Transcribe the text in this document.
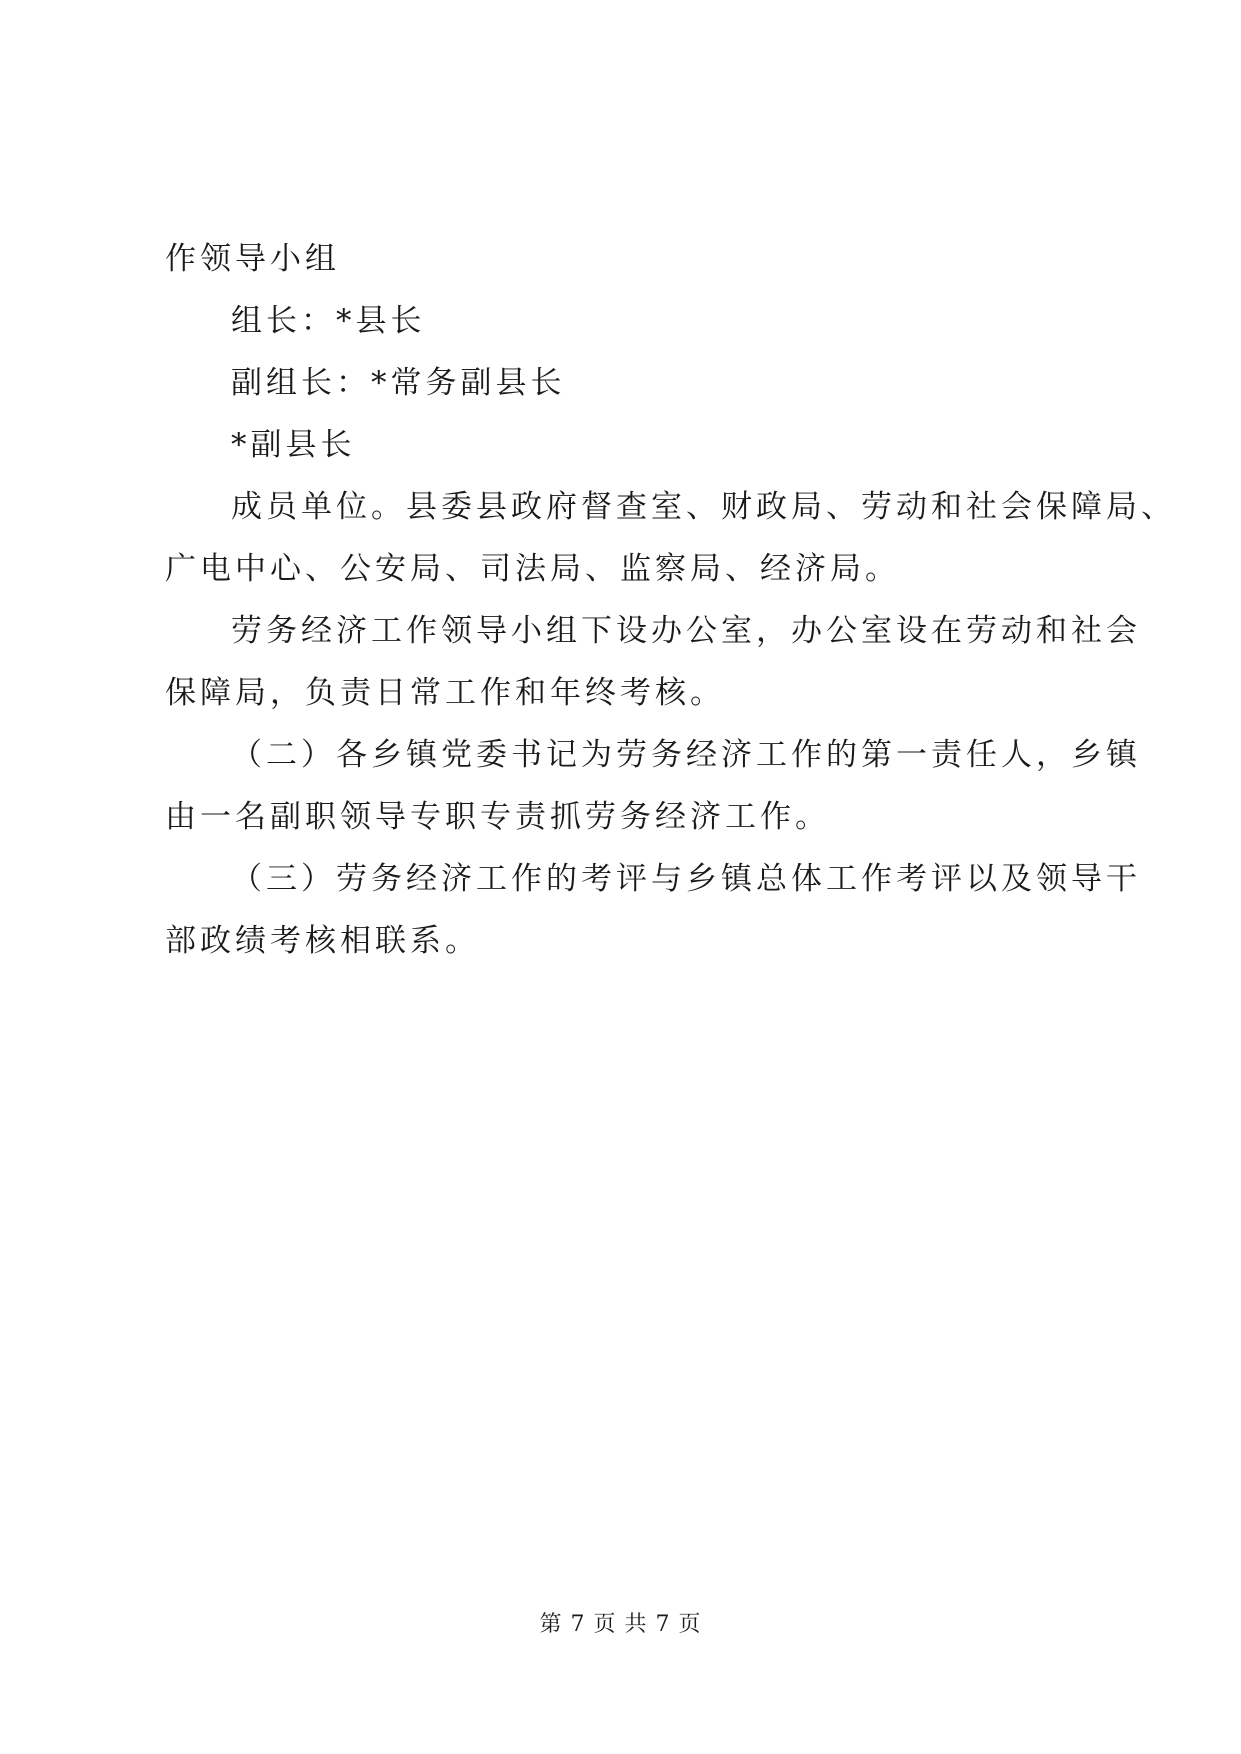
作领导小组
组长：*县长
副组长：*常务副县长
*副县长
成员单位。县委县政府督查室、财政局、劳动和社会保障局、
广电中心、公安局、司法局、监察局、经济局。
劳务经济工作领导小组下设办公室，办公室设在劳动和社会
保障局，负责日常工作和年终考核。
（二）各乡镇党委书记为劳务经济工作的第一责任人，乡镇
由一名副职领导专职专责抓劳务经济工作。
（三）劳务经济工作的考评与乡镇总体工作考评以及领导干
部政绩考核相联系。
第 7 页 共 7 页
